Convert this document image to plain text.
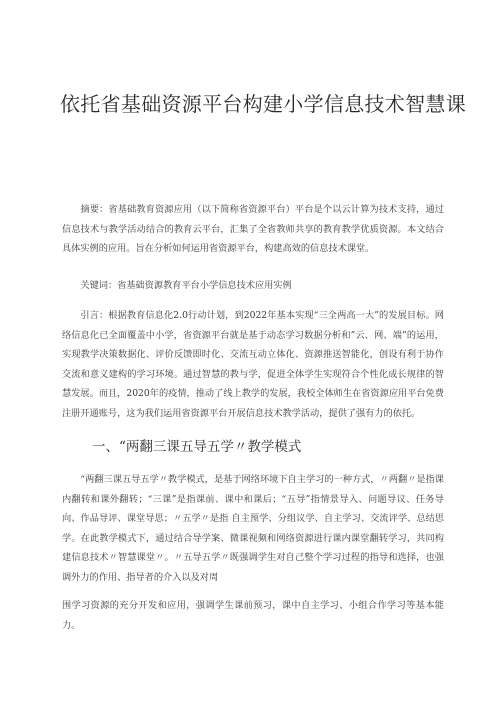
依托省基础资源平台构建小学信息技术智慧课
摘要：省基础教育资源应用（以下简称省资源平台）平台是个以云计算为技术支持，通过信息技术与教学活动结合的教育云平台，汇集了全省教师共享的教育教学优质资源。本文结合具体实例的应用。旨在分析如何运用省资源平台，构建高效的信息技术课堂。
关键词：省基础资源教育平台小学信息技术应用实例
引言：根据教育信息化2.0行动计划，到2022年基本实现“三全两高一大”的发展目标。网络信息化已全面覆盖中小学，省资源平台就是基于动态学习数据分析和”云、网、端”的运用，实现教学决策数据化、评价反馈即时化、交流互动立体化、资源推送智能化，创设有利于协作交流和意义建构的学习环境。通过智慧的教与学，促进全体学生实现符合个性化成长规律的智慧发展。而且，2020年的疫情，推动了线上教学的发展，我校全体师生在省资源应用平台免费注册开通账号，这为我们运用省资源平台开展信息技术教学活动，提供了强有力的依托。
一、“两翻三课五导五学〃教学模式
“两翻三课五导五学〃教学模式，是基于网络环境下自主学习的一种方式，〃两翻〃是指课内翻转和课外翻转；“三课”是指课前、课中和课后；“五导”指情景导入、问题导议、任务导向、作品导评、课堂导思；〃五学〃是指 自主预学、分组议学、自主学习、交流评学、总结思学。在此教学模式下，通过结合导学案、微课视频和网络资源进行课内课堂翻转学习，共同构建信息技术〃智慧课堂〃。〃五导五学〃既强调学生对自己整个学习过程的指导和选择，也强调外力的作用、指导者的介入以及对周
围学习资源的充分开发和应用，强调学生课前预习，课中自主学习、小组合作学习等基本能力。
